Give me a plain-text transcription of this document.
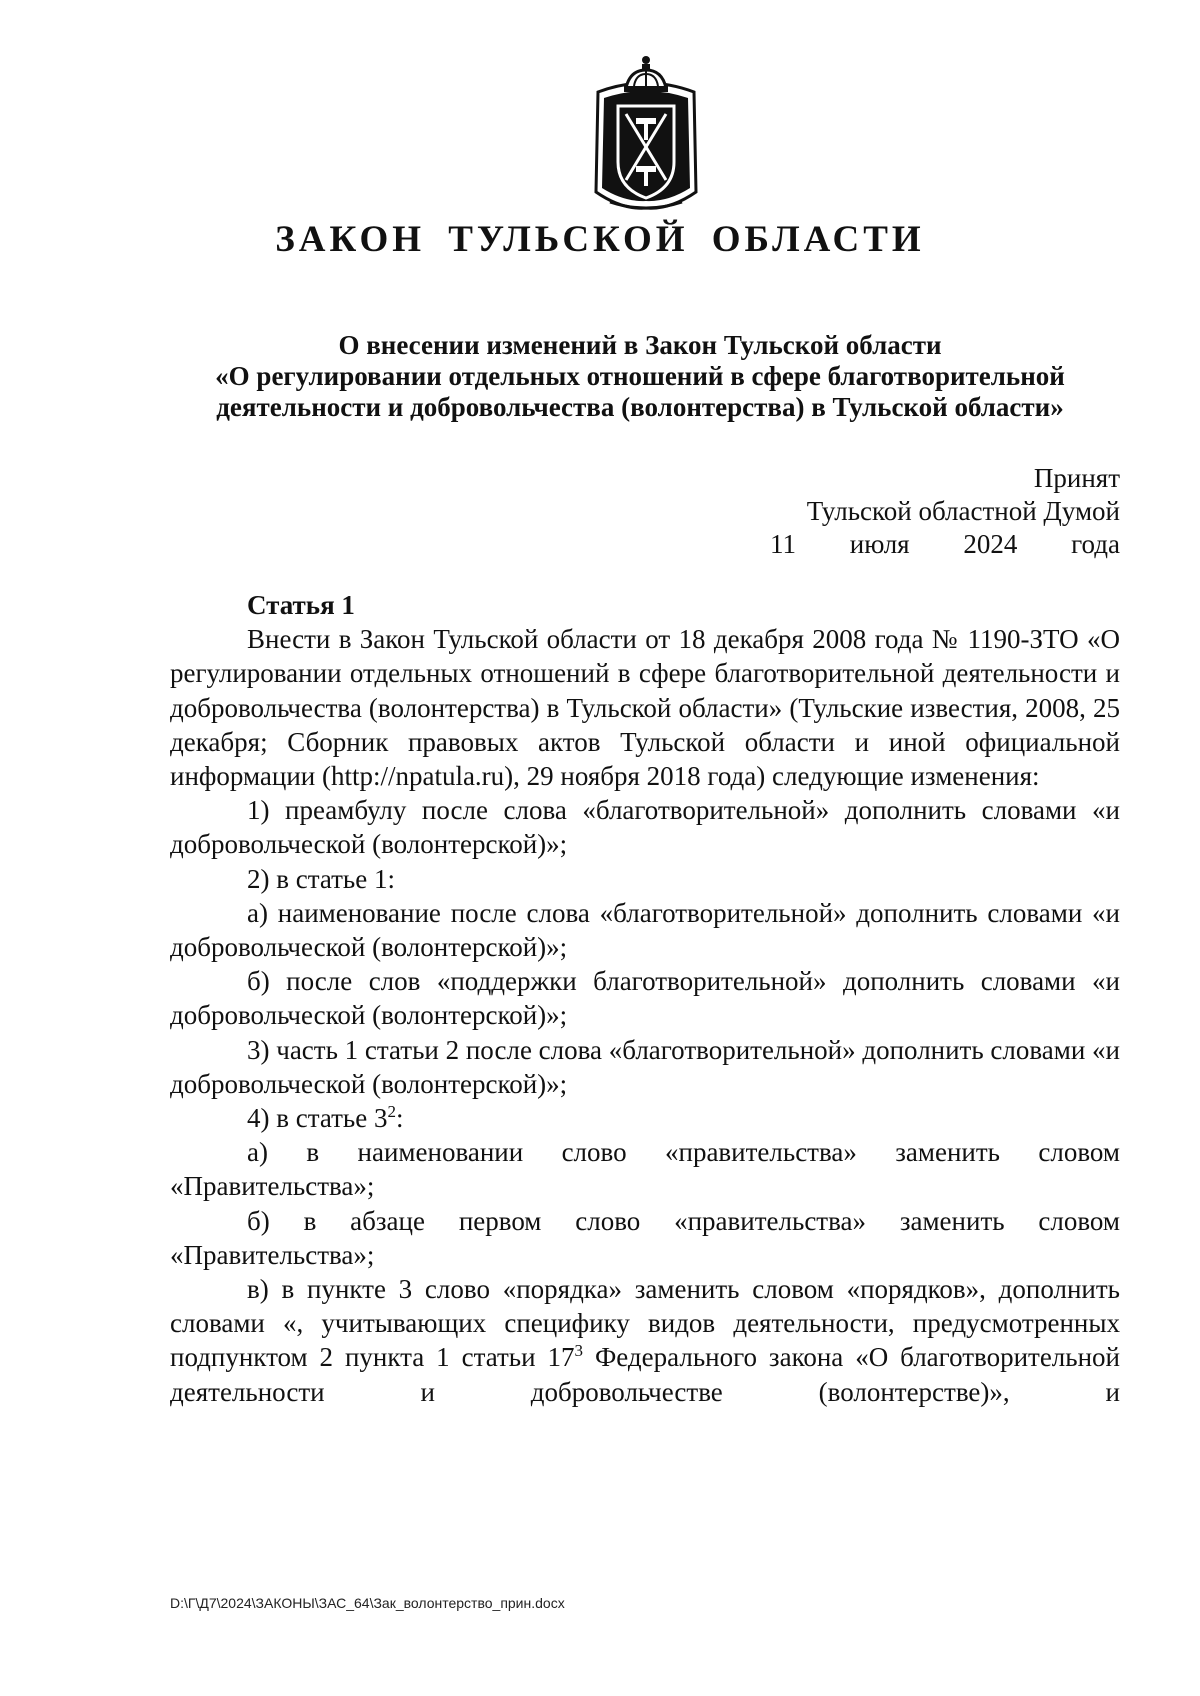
ЗАКОН ТУЛЬСКОЙ ОБЛАСТИ
О внесении изменений в Закон Тульской области
«О регулировании отдельных отношений в сфере благотворительной
деятельности и добровольчества (волонтерства) в Тульской области»
Принят
Тульской областной Думой
11 июля 2024 года
Статья 1

Внести в Закон Тульской области от 18 декабря 2008 года № 1190-ЗТО «О регулировании отдельных отношений в сфере благотворительной деятельности и добровольчества (волонтерства) в Тульской области» (Тульские известия, 2008, 25 декабря; Сборник правовых актов Тульской области и иной официальной информации (http://npatula.ru), 29 ноября 2018 года) следующие изменения:

1) преамбулу после слова «благотворительной» дополнить словами «и добровольческой (волонтерской)»;

2) в статье 1:

а) наименование после слова «благотворительной» дополнить словами «и добровольческой (волонтерской)»;

б) после слов «поддержки благотворительной» дополнить словами «и добровольческой (волонтерской)»;

3) часть 1 статьи 2 после слова «благотворительной» дополнить словами «и добровольческой (волонтерской)»;

4) в статье $3^2$:

а) в наименовании слово «правительства» заменить словом «Правительства»;

б) в абзаце первом слово «правительства» заменить словом «Правительства»;

в) в пункте 3 слово «порядка» заменить словом «порядков», дополнить словами «, учитывающих специфику видов деятельности, предусмотренных подпунктом 2 пункта 1 статьи $17^3$ Федерального закона «О благотворительной деятельности и добровольчестве (волонтерстве)», и

D:\Г\Д7\2024\ЗАКОНЫ\ЗАС_64\Зак_волонтерство_прин.docx
